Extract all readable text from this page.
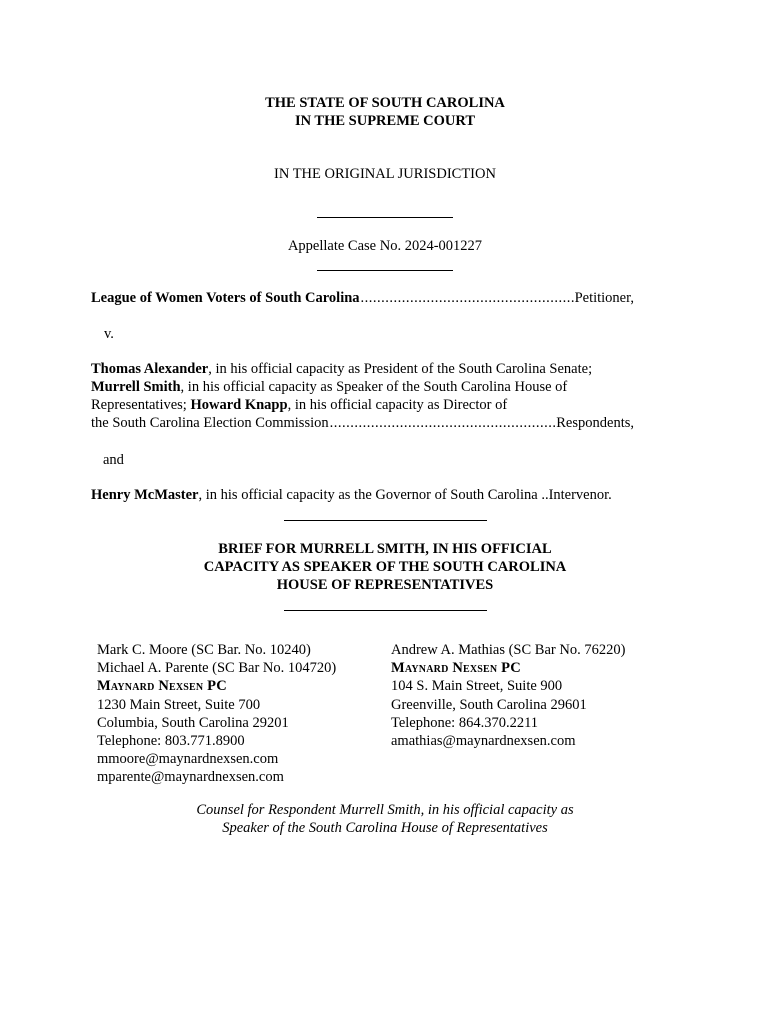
THE STATE OF SOUTH CAROLINA
IN THE SUPREME COURT
IN THE ORIGINAL JURISDICTION
Appellate Case No. 2024-001227
League of Women Voters of South Carolina .....	Petitioner,
v.
Thomas Alexander, in his official capacity as President of the South Carolina Senate;
Murrell Smith, in his official capacity as Speaker of the South Carolina House of
Representatives; Howard Knapp, in his official capacity as Director of
the South Carolina Election Commission .....	Respondents,
and
Henry McMaster, in his official capacity as the Governor of South Carolina ..Intervenor.
BRIEF FOR MURRELL SMITH, IN HIS OFFICIAL
CAPACITY AS SPEAKER OF THE SOUTH CAROLINA
HOUSE OF REPRESENTATIVES
Mark C. Moore (SC Bar. No. 10240)
Michael A. Parente (SC Bar No. 104720)
Maynard Nexsen PC
1230 Main Street, Suite 700
Columbia, South Carolina 29201
Telephone: 803.771.8900
mmoore@maynardnexsen.com
mparente@maynardnexsen.com
Andrew A. Mathias (SC Bar No. 76220)
Maynard Nexsen PC
104 S. Main Street, Suite 900
Greenville, South Carolina 29601
Telephone: 864.370.2211
amathias@maynardnexsen.com
Counsel for Respondent Murrell Smith, in his official capacity as
Speaker of the South Carolina House of Representatives
